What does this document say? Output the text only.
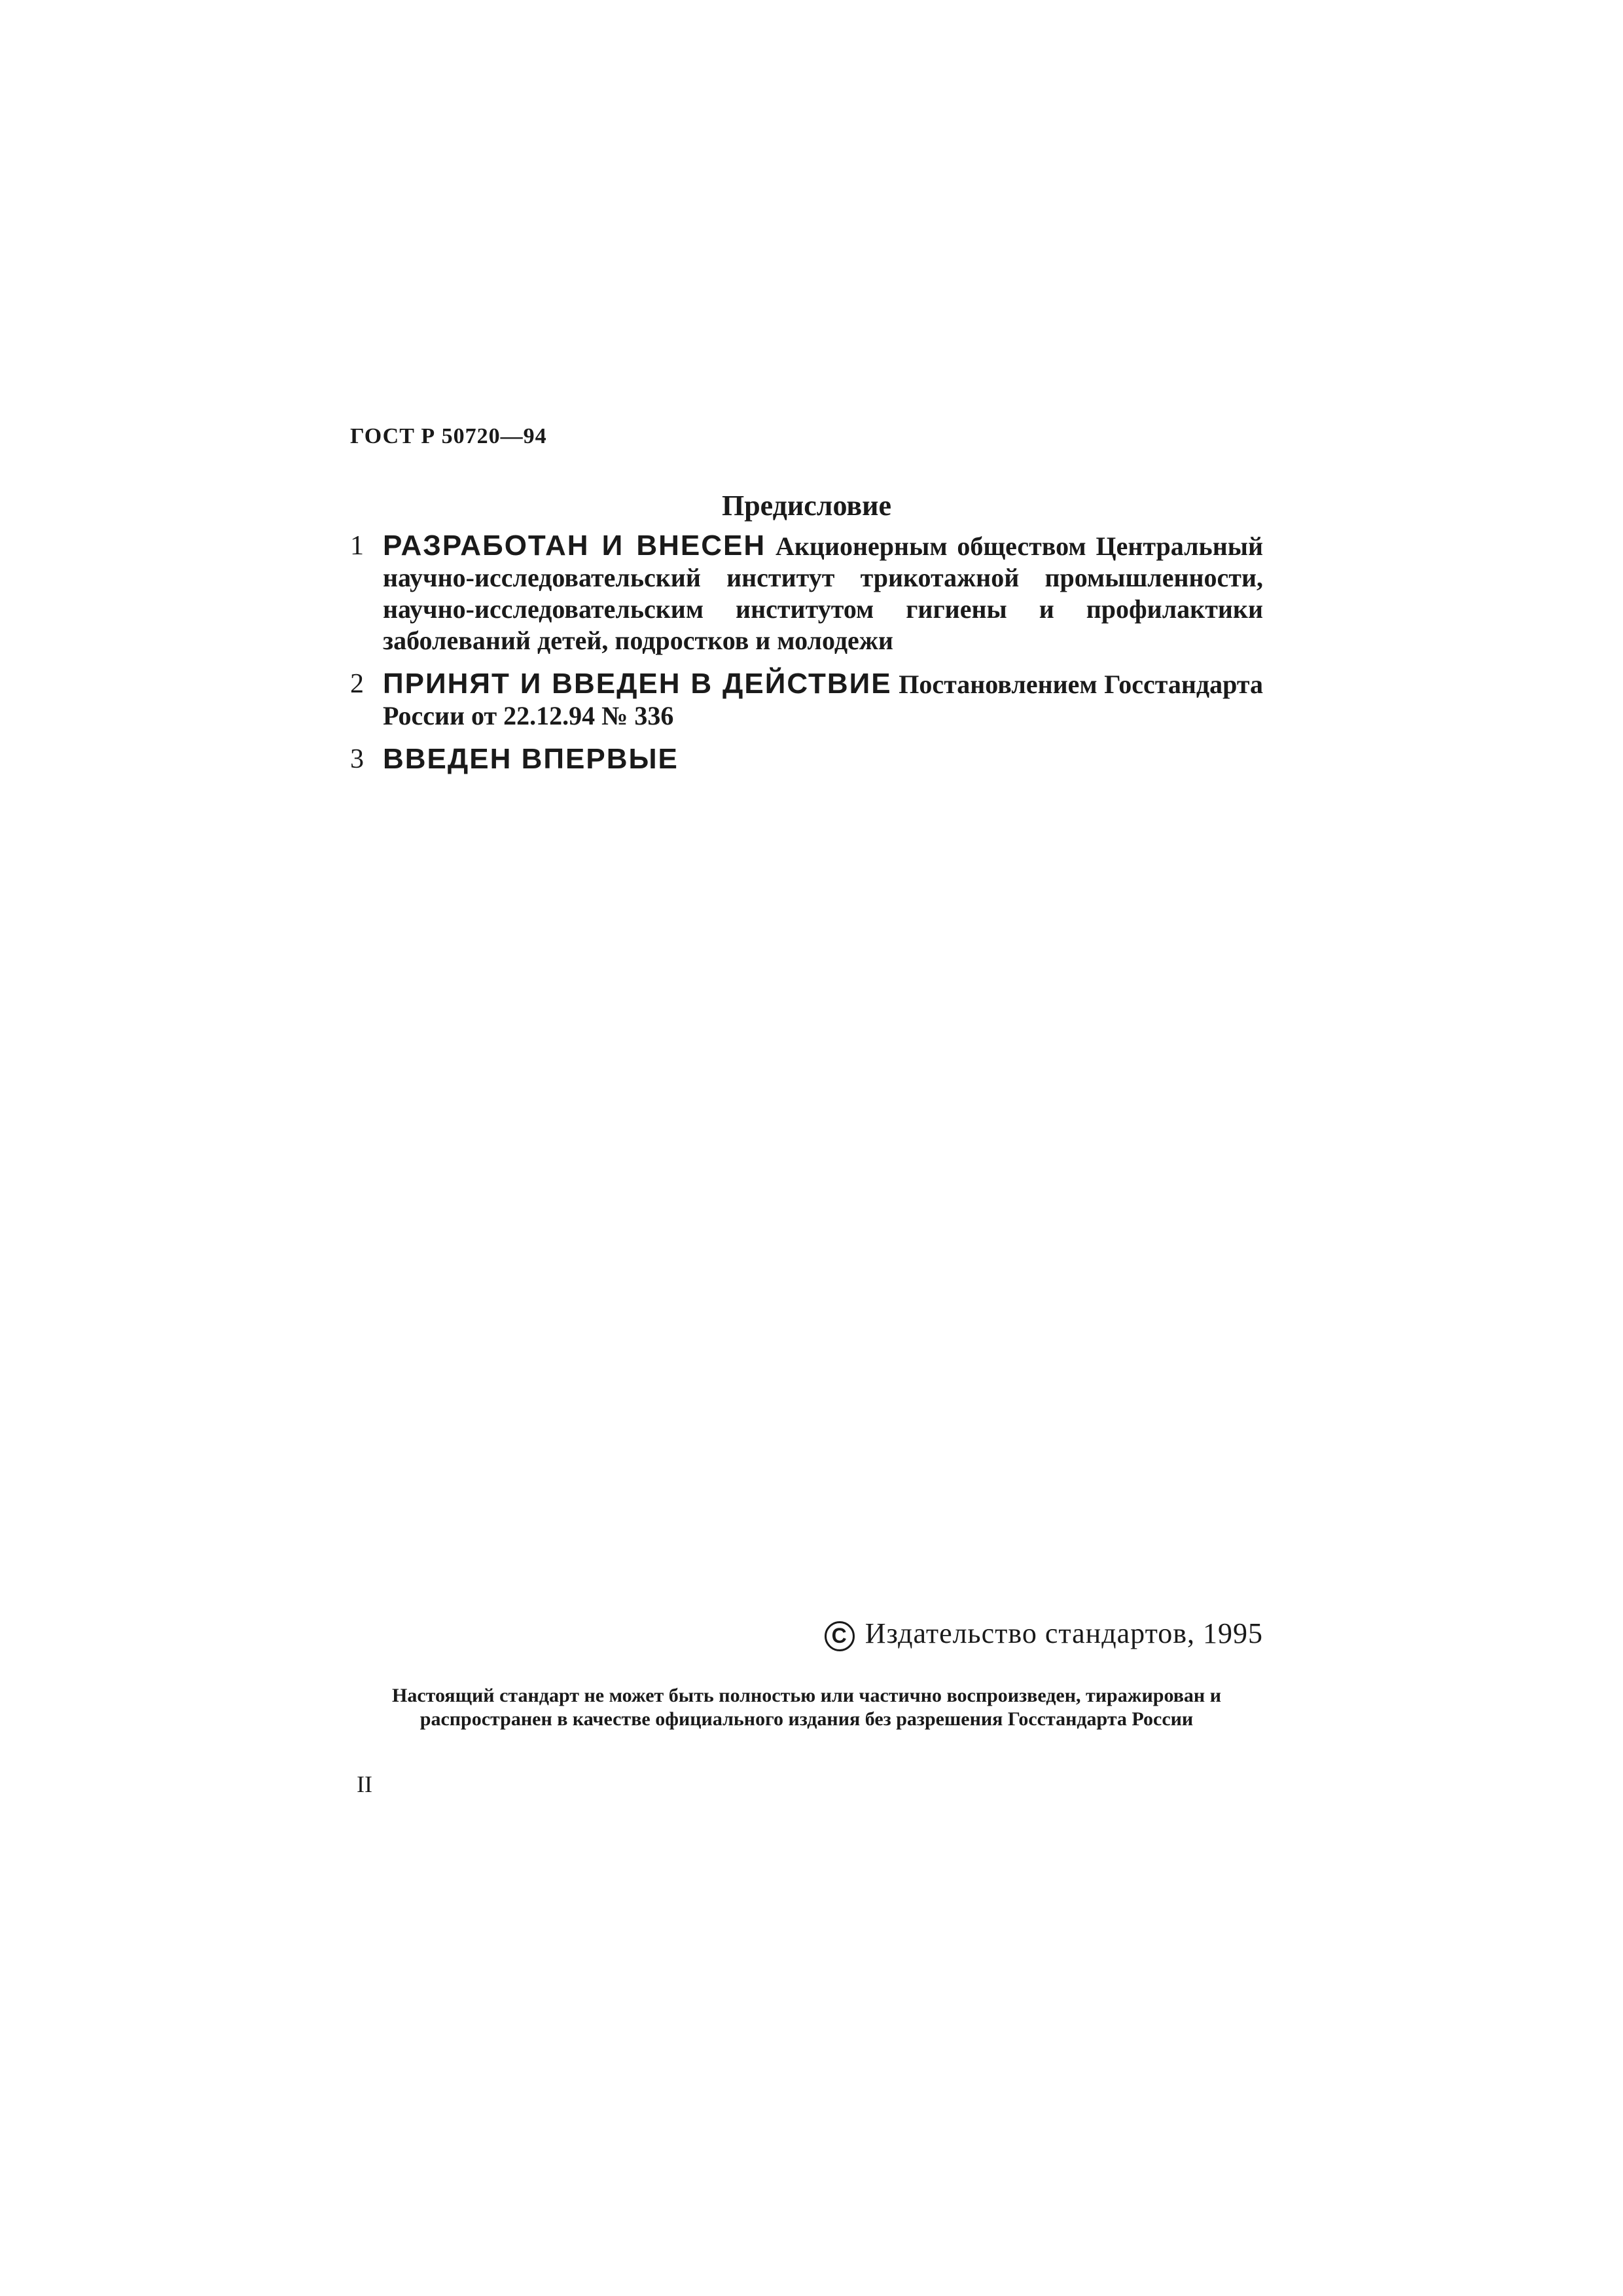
ГОСТ Р 50720—94
Предисловие
1 РАЗРАБОТАН И ВНЕСЕН Акционерным обществом Центральный научно-исследовательский институт трикотажной промышленности, научно-исследовательским институтом гигиены и профилактики заболеваний детей, подростков и молодежи
2 ПРИНЯТ И ВВЕДЕН В ДЕЙСТВИЕ Постановлением Госстандарта России от 22.12.94 № 336
3 ВВЕДЕН ВПЕРВЫЕ
C Издательство стандартов, 1995
Настоящий стандарт не может быть полностью или частично воспроизведен, тиражирован и распространен в качестве официального издания без разрешения Госстандарта России
II
